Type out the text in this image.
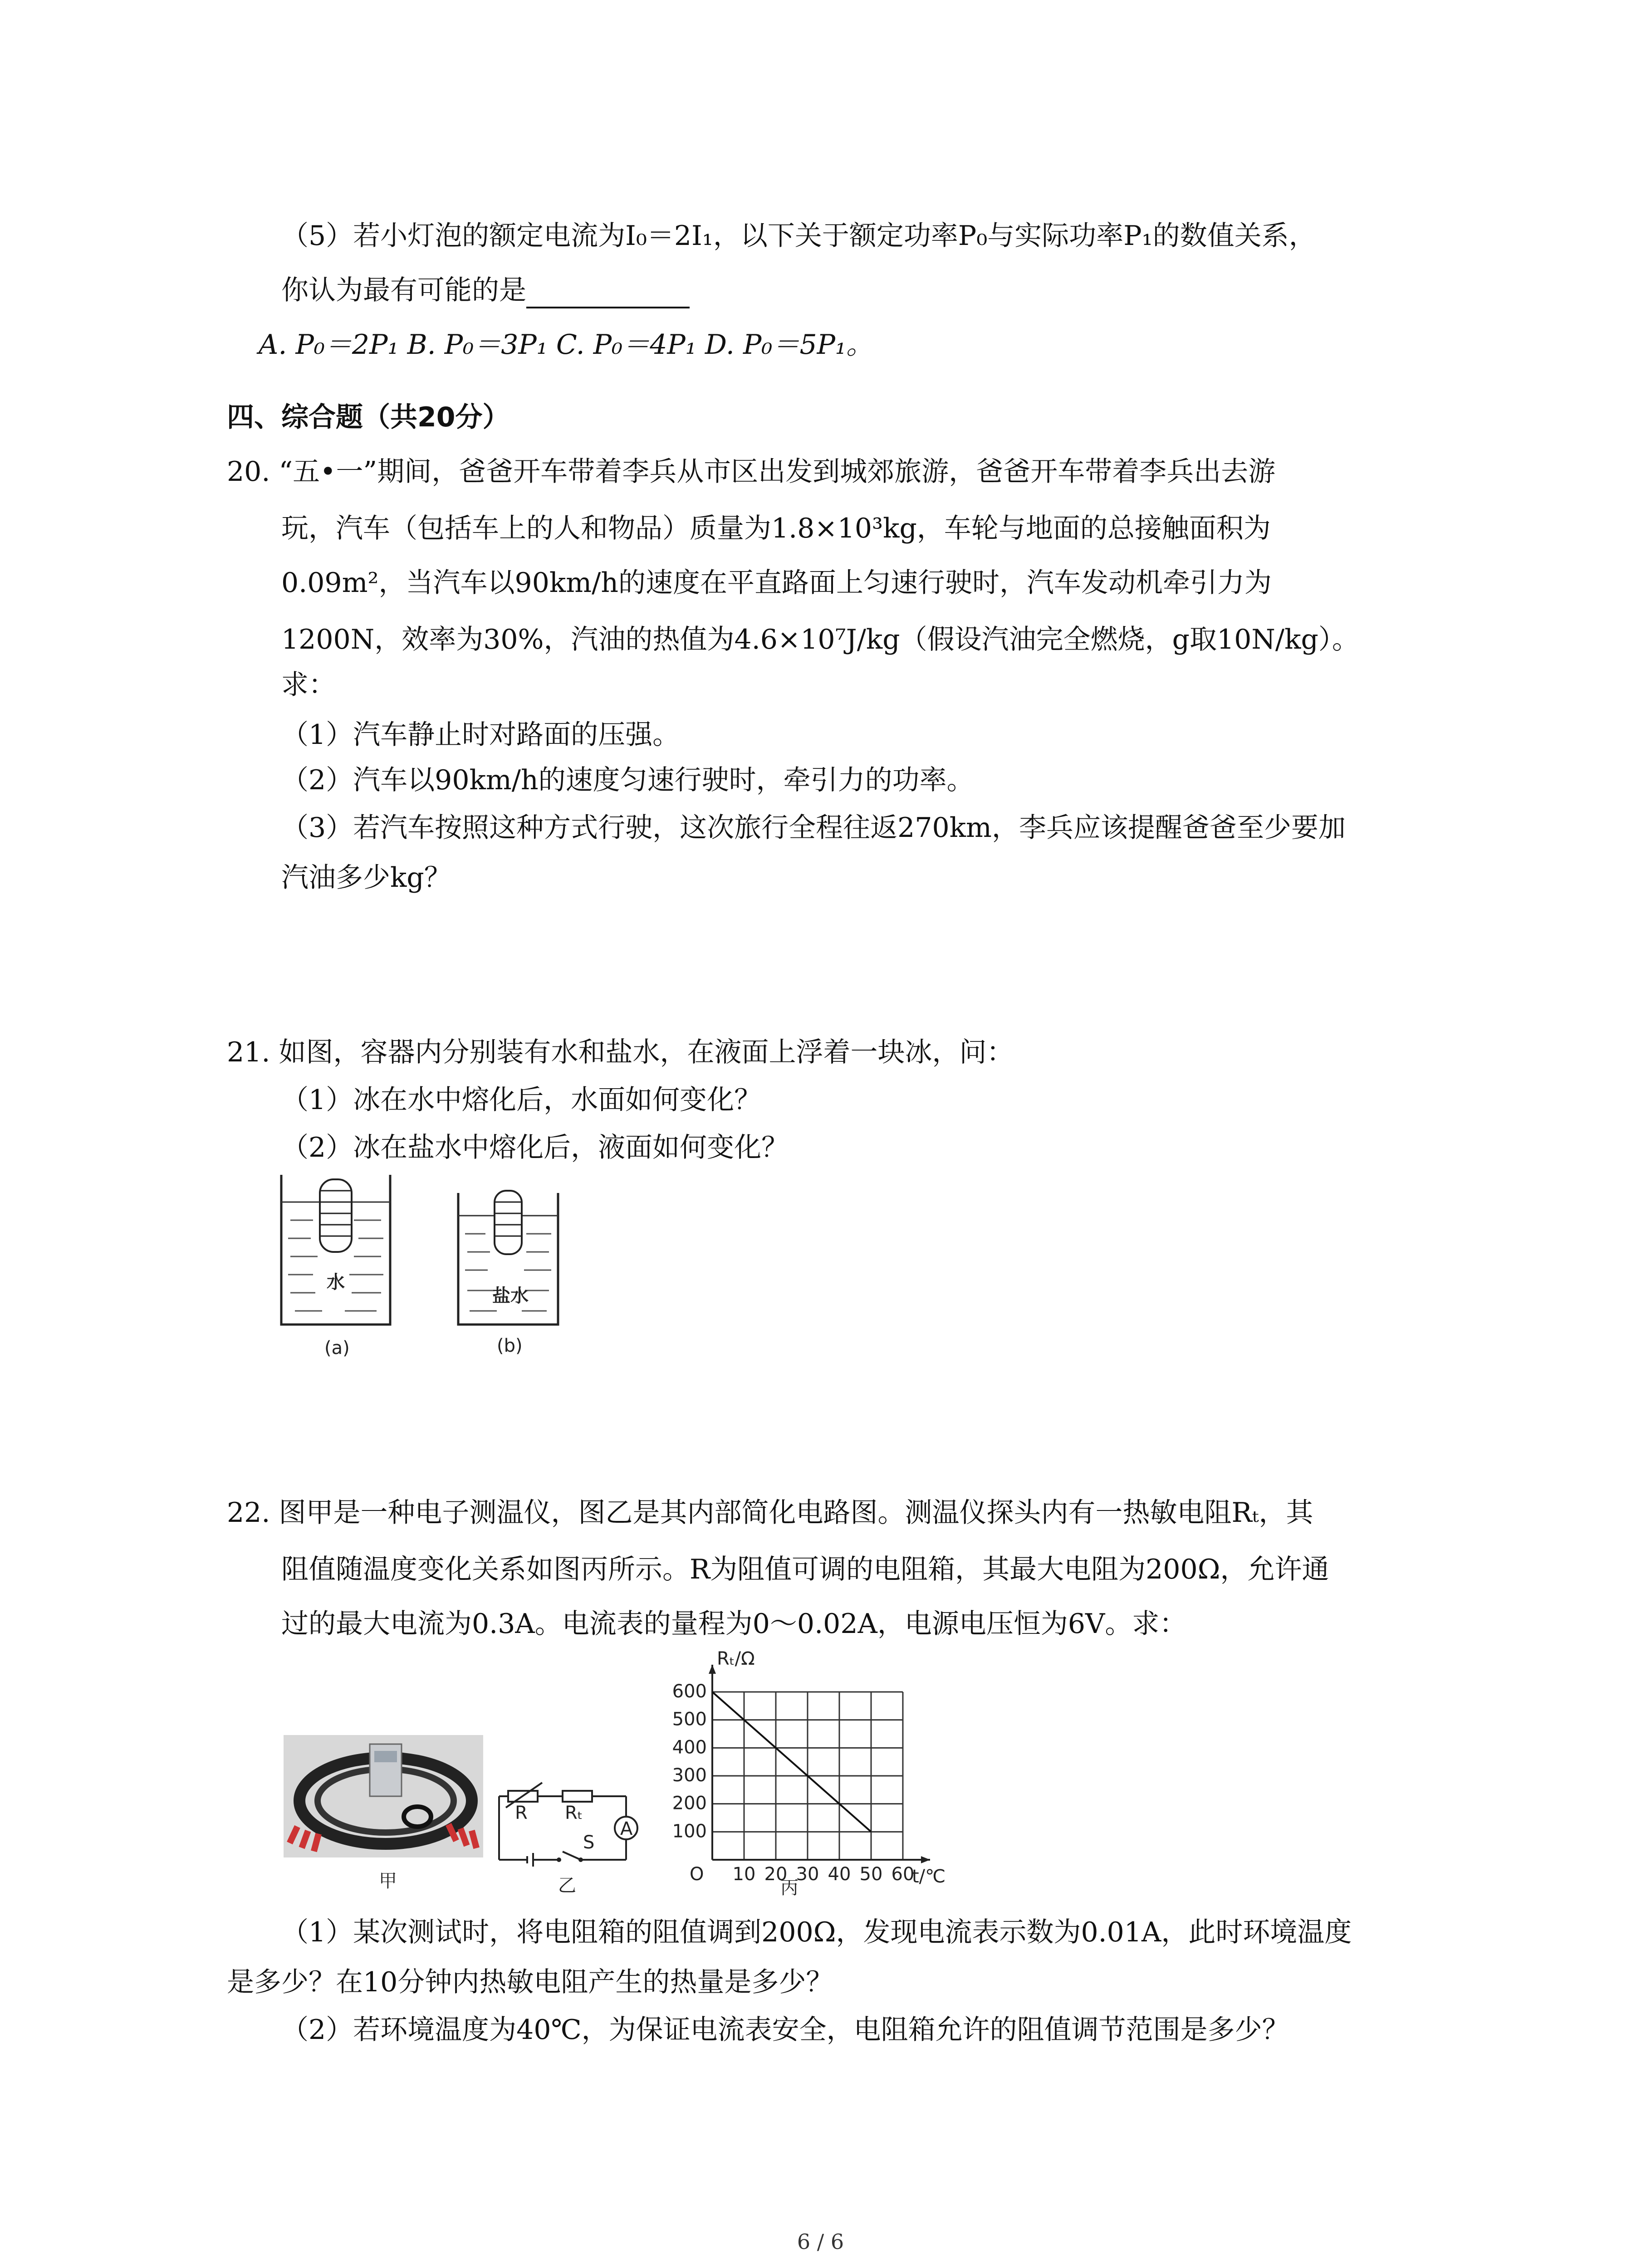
（5）若小灯泡的额定电流为I₀＝2I₁，以下关于额定功率P₀与实际功率P₁的数值关系，
你认为最有可能的是
A. P₀＝2P₁ B. P₀＝3P₁ C. P₀＝4P₁ D. P₀＝5P₁。
四、综合题（共20分）
20. “五•一”期间，爸爸开车带着李兵从市区出发到城郊旅游，爸爸开车带着李兵出去游
玩，汽车（包括车上的人和物品）质量为1.8×10³kg，车轮与地面的总接触面积为
0.09m²，当汽车以90km/h的速度在平直路面上匀速行驶时，汽车发动机牵引力为
1200N，效率为30%，汽油的热值为4.6×10⁷J/kg（假设汽油完全燃烧，g取10N/kg）。
求：
（1）汽车静止时对路面的压强。
（2）汽车以90km/h的速度匀速行驶时，牵引力的功率。
（3）若汽车按照这种方式行驶，这次旅行全程往返270km，李兵应该提醒爸爸至少要加
汽油多少kg？
21. 如图，容器内分别装有水和盐水，在液面上浮着一块冰，问：
（1）冰在水中熔化后，水面如何变化？
（2）冰在盐水中熔化后，液面如何变化？
水
(a)
盐水
(b)
22. 图甲是一种电子测温仪，图乙是其内部简化电路图。测温仪探头内有一热敏电阻Rₜ，其
阻值随温度变化关系如图丙所示。R为阻值可调的电阻箱，其最大电阻为200Ω，允许通
过的最大电流为0.3A。电流表的量程为0～0.02A，电源电压恒为6V。求：
甲
R Rₜ
A
S
乙
10 20 30 40 50 60
100
200
300
400
500
600
Rₜ/Ω
t/℃
O
丙
（1）某次测试时，将电阻箱的阻值调到200Ω，发现电流表示数为0.01A，此时环境温度
是多少？在10分钟内热敏电阻产生的热量是多少？
（2）若环境温度为40℃，为保证电流表安全，电阻箱允许的阻值调节范围是多少？
6 / 6
